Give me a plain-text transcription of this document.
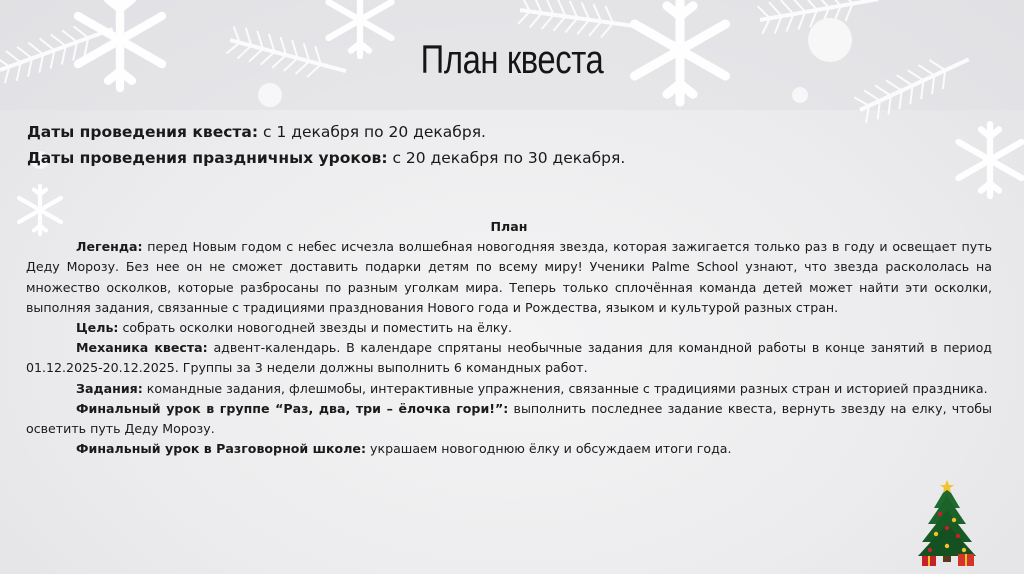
План квеста
Даты проведения квеста: с 1 декабря по 20 декабря.
Даты проведения праздничных уроков: с 20 декабря по 30 декабря.
План

Легенда: перед Новым годом с небес исчезла волшебная новогодняя звезда, которая зажигается только раз в году и освещает путь Деду Морозу. Без нее он не сможет доставить подарки детям по всему миру! Ученики Palme School узнают, что звезда раскололась на множество осколков, которые разбросаны по разным уголкам мира. Теперь только сплочённая команда детей может найти эти осколки, выполняя задания, связанные с традициями празднования Нового года и Рождества, языком и культурой разных стран.

Цель: собрать осколки новогодней звезды и поместить на ёлку.

Механика квеста: адвент-календарь. В календаре спрятаны необычные задания для командной работы в конце занятий в период 01.12.2025-20.12.2025. Группы за 3 недели должны выполнить 6 командных работ.

Задания: командные задания, флешмобы, интерактивные упражнения, связанные с традициями разных стран и историей праздника.

Финальный урок в группе “Раз, два, три – ёлочка гори!”: выполнить последнее задание квеста, вернуть звезду на елку, чтобы осветить путь Деду Морозу.

Финальный урок в Разговорной школе: украшаем новогоднюю ёлку и обсуждаем итоги года.
